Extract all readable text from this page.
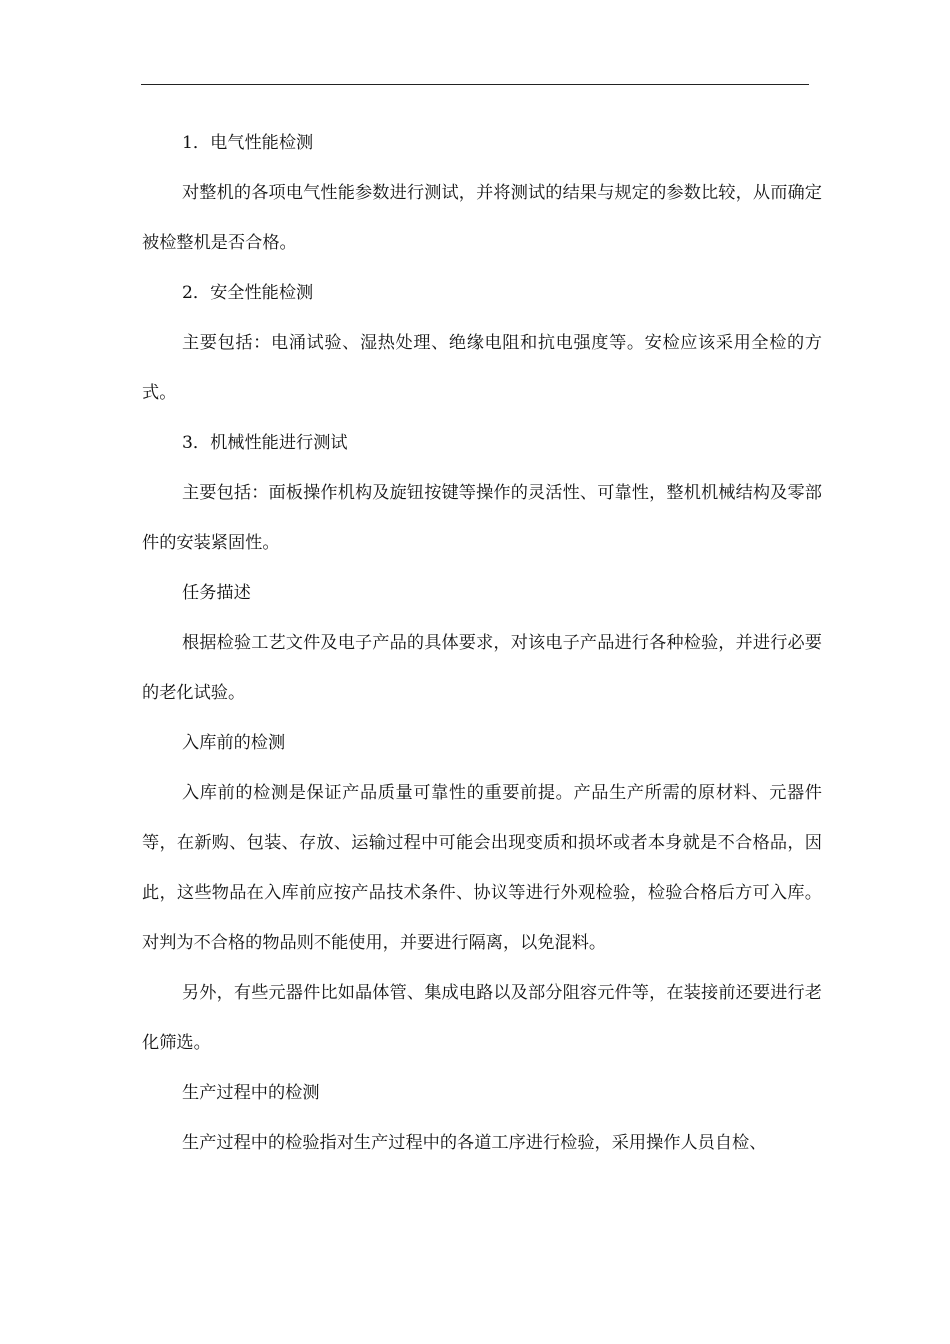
1．电气性能检测

对整机的各项电气性能参数进行测试，并将测试的结果与规定的参数比较，从而确定被检整机是否合格。

2．安全性能检测

主要包括：电涌试验、湿热处理、绝缘电阻和抗电强度等。安检应该采用全检的方式。

3．机械性能进行测试

主要包括：面板操作机构及旋钮按键等操作的灵活性、可靠性，整机机械结构及零部件的安装紧固性。

任务描述

根据检验工艺文件及电子产品的具体要求，对该电子产品进行各种检验，并进行必要的老化试验。

入库前的检测

入库前的检测是保证产品质量可靠性的重要前提。产品生产所需的原材料、元器件等，在新购、包装、存放、运输过程中可能会出现变质和损坏或者本身就是不合格品，因此，这些物品在入库前应按产品技术条件、协议等进行外观检验，检验合格后方可入库。对判为不合格的物品则不能使用，并要进行隔离，以免混料。

另外，有些元器件比如晶体管、集成电路以及部分阻容元件等，在装接前还要进行老化筛选。

生产过程中的检测

生产过程中的检验指对生产过程中的各道工序进行检验，采用操作人员自检、
